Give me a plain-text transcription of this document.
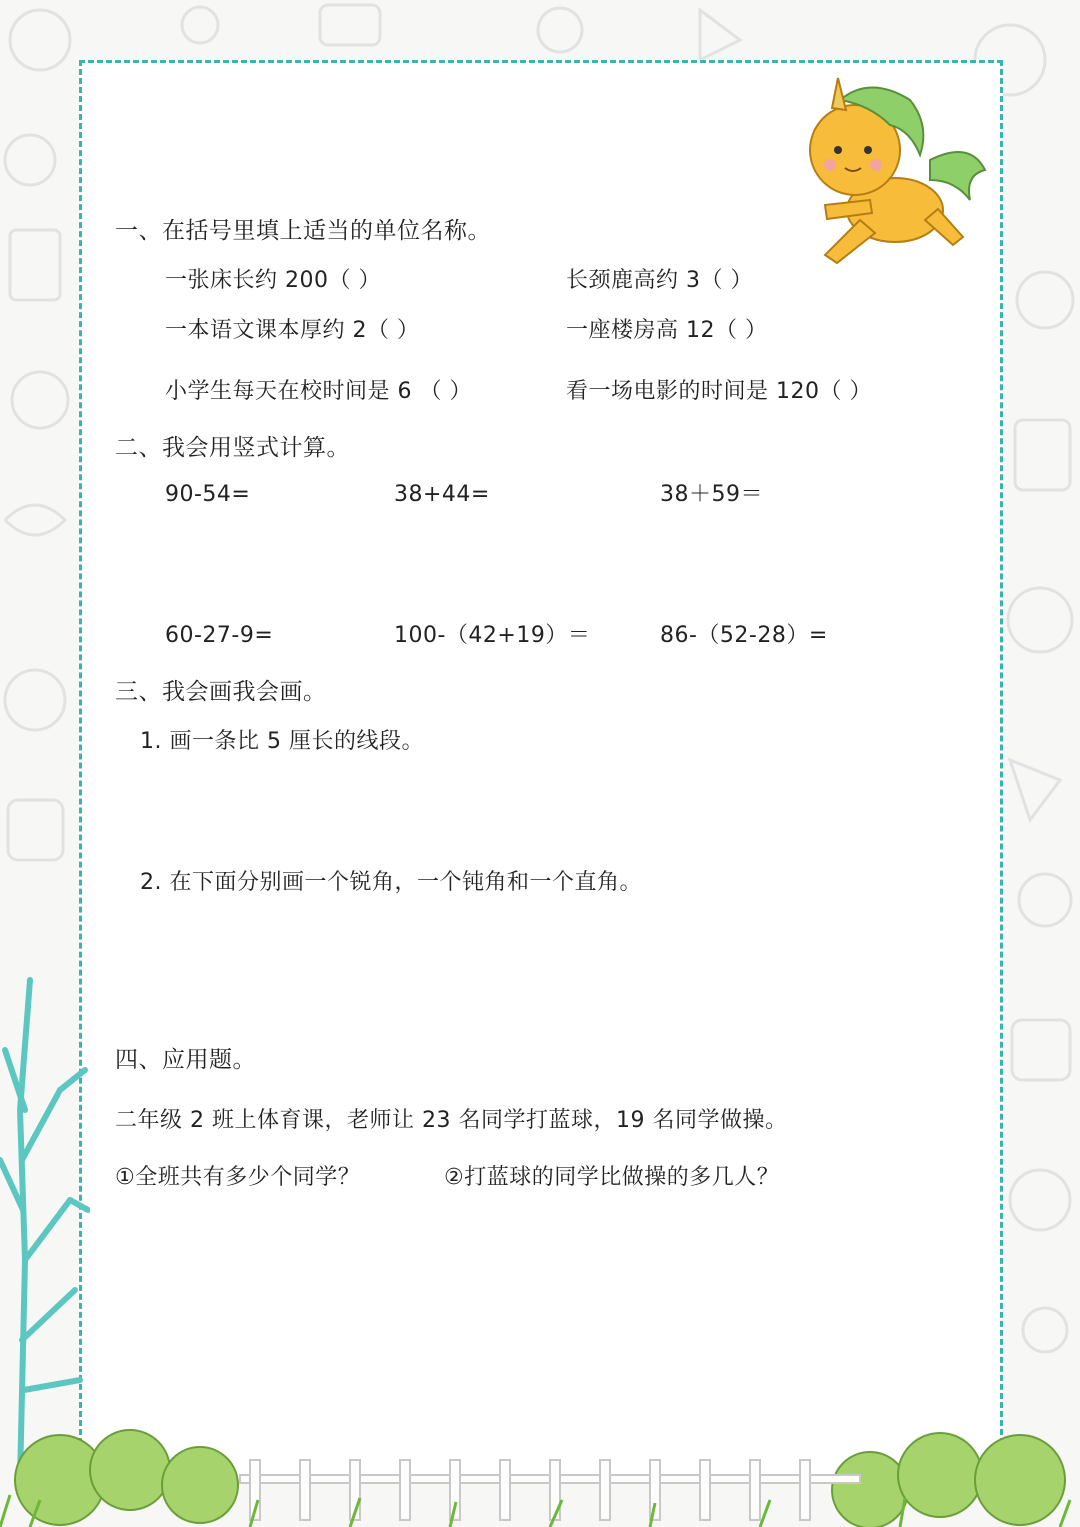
一、在括号里填上适当的单位名称。
一张床长约 200（ ）	长颈鹿高约 3（ ）
一本语文课本厚约 2（ ）	一座楼房高 12（ ）
小学生每天在校时间是 6 （ ）	看一场电影的时间是 120（ ）
二、我会用竖式计算。
90-54=	38+44=	38＋59＝
60-27-9=	100-（42+19）＝	86-（52-28）=
三、我会画我会画。
1. 画一条比 5 厘长的线段。
2. 在下面分别画一个锐角，一个钝角和一个直角。
四、应用题。
二年级 2 班上体育课，老师让 23 名同学打蓝球，19 名同学做操。
①全班共有多少个同学？	②打蓝球的同学比做操的多几人？
